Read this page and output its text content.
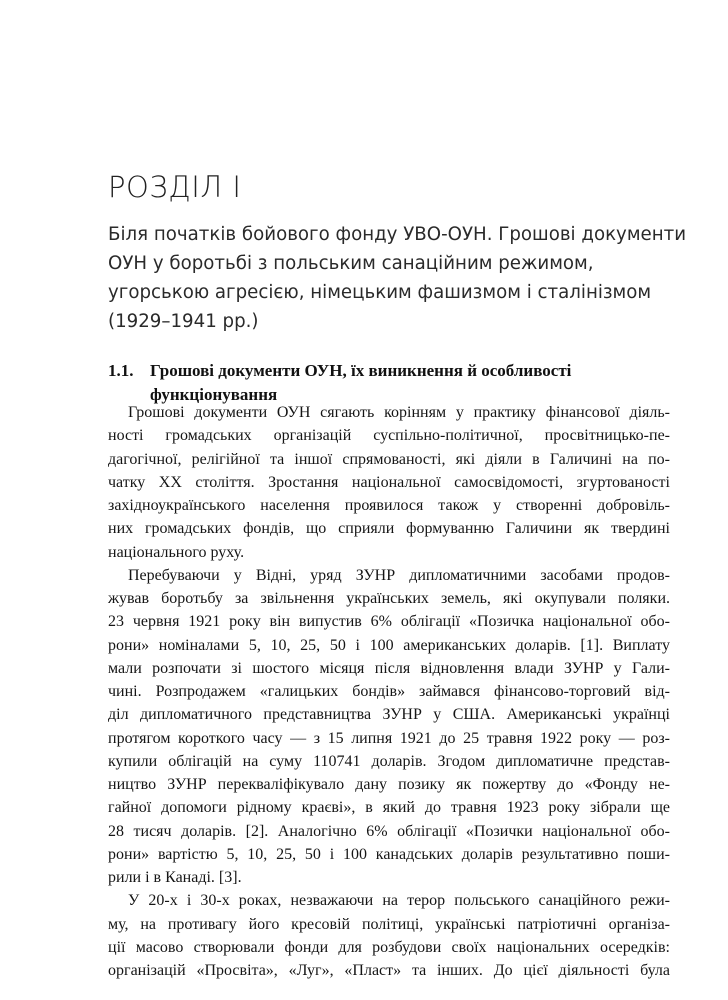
РОЗДІЛ І
Біля початків бойового фонду УВО-ОУН. Грошові документи
ОУН у боротьбі з польським санаційним режимом,
угорською агресією, німецьким фашизмом і сталінізмом
(1929–1941 рр.)
1.1. Грошові документи ОУН, їх виникнення й особливості
функціонування
Грошові документи ОУН сягають корінням у практику фінансової діяль-
ності громадських організацій суспільно-політичної, просвітницько-пе-
дагогічної, релігійної та іншої спрямованості, які діяли в Галичині на по-
чатку ХХ століття. Зростання національної самосвідомості, згуртованості
західноукраїнського населення проявилося також у створенні добровіль-
них громадських фондів, що сприяли формуванню Галичини як твердині
національного руху.
Перебуваючи у Відні, уряд ЗУНР дипломатичними засобами продов-
жував боротьбу за звільнення українських земель, які окупували поляки.
23 червня 1921 року він випустив 6% облігації «Позичка національної обо-
рони» номіналами 5, 10, 25, 50 і 100 американських доларів. [1]. Виплату
мали розпочати зі шостого місяця після відновлення влади ЗУНР у Гали-
чині. Розпродажем «галицьких бондів» займався фінансово-торговий від-
діл дипломатичного представництва ЗУНР у США. Американські українці
протягом короткого часу — з 15 липня 1921 до 25 травня 1922 року — роз-
купили облігацій на суму 110741 доларів. Згодом дипломатичне представ-
ництво ЗУНР перекваліфікувало дану позику як пожертву до «Фонду не-
гайної допомоги рідному краєві», в який до травня 1923 року зібрали ще
28 тисяч доларів. [2]. Аналогічно 6% облігації «Позички національної обо-
рони» вартістю 5, 10, 25, 50 і 100 канадських доларів результативно поши-
рили і в Канаді. [3].
У 20-х і 30-х роках, незважаючи на терор польського санаційного режи-
му, на противагу його кресовій політиці, українські патріотичні організа-
ції масово створювали фонди для розбудови своїх національних осередків:
організацій «Просвіта», «Луг», «Пласт» та інших. До цієї діяльності була
